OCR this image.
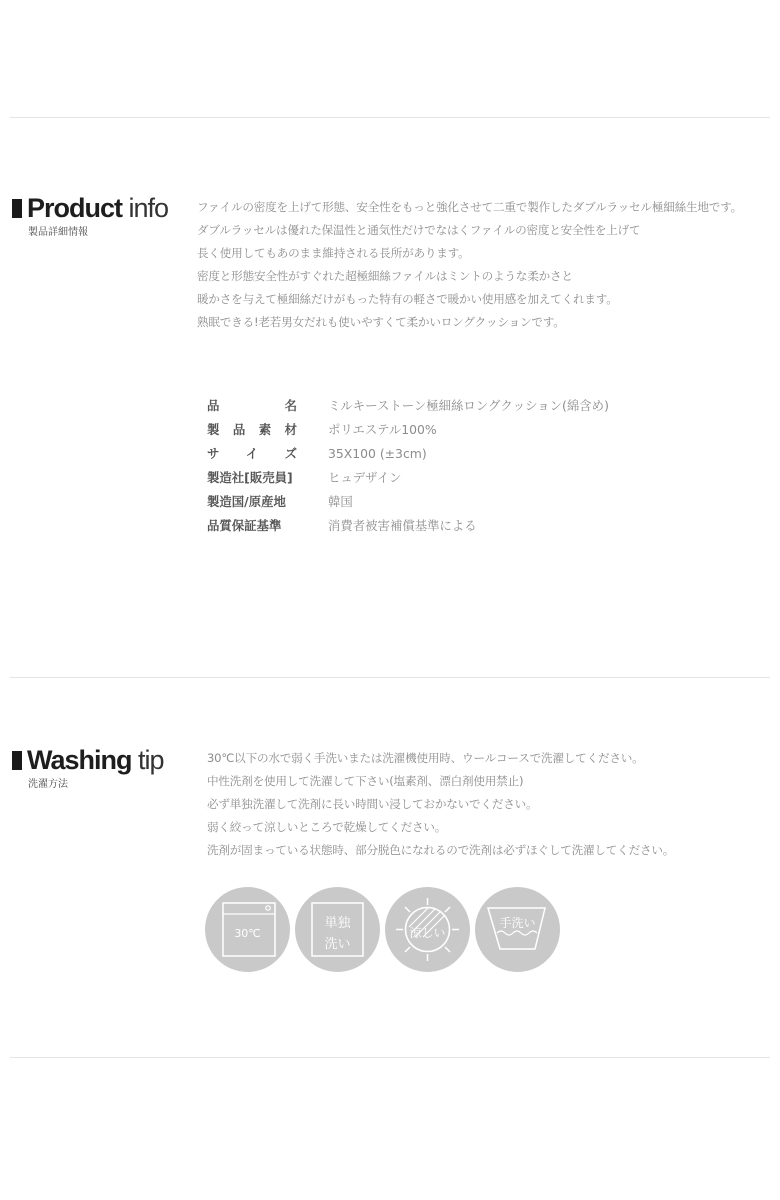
Product info
製品詳細情報
ファイルの密度を上げて形態、安全性をもっと強化させて二重で製作したダブルラッセル極細絲生地です。
ダブルラッセルは優れた保温性と通気性だけでなはくファイルの密度と安全性を上げて
長く使用してもあのまま維持される長所があります。
密度と形態安全性がすぐれた超極細絲ファイルはミントのような柔かさと
暖かさを与えて極細絲だけがもった特有の軽さで暖かい使用感を加えてくれます。
熟眠できる!老若男女だれも使いやすくて柔かいロングクッションです。
品 名	ミルキーストーン極細絲ロングクッション(綿含め)

製 品 素 材	ポリエステル100%

サ イ ズ	35X100 (±3cm)
製造社[販売員]	ヒュデザイン
製造国/原産地	韓国
品質保証基準	消費者被害補償基準による
Washing tip
洗濯方法
30℃以下の水で弱く手洗いまたは洗濯機使用時、ウールコースで洗濯してください。
中性洗剤を使用して洗濯して下さい(塩素剤、漂白剤使用禁止)
必ず単独洗濯して洗剤に長い時間い浸しておかないでください。
弱く絞って涼しいところで乾燥してください。
洗剤が固まっている状態時、部分脱色になれるので洗剤は必ずほぐして洗濯してください。
30℃
単独
洗い
涼しい
手洗い
